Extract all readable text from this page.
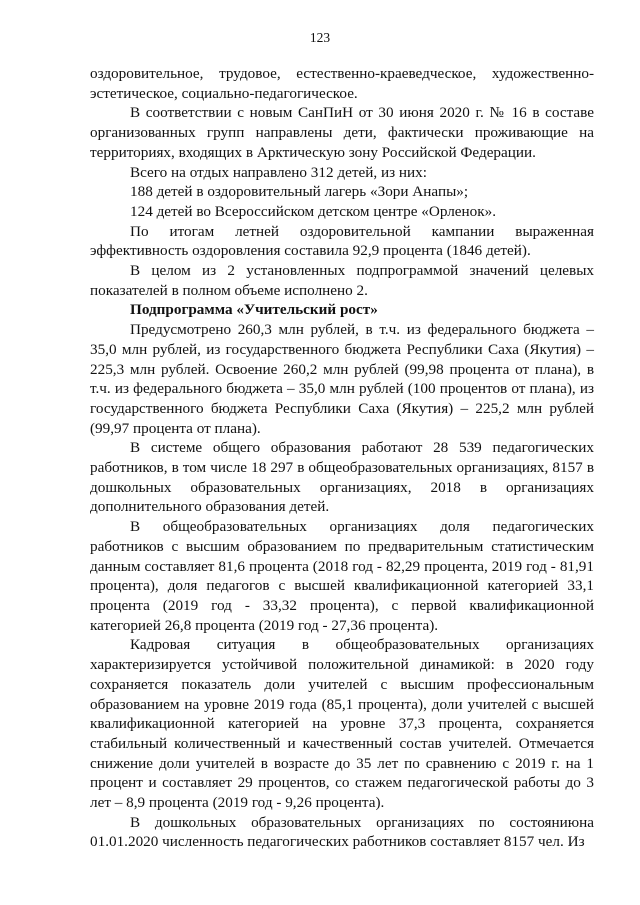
123

оздоровительное, трудовое, естественно-краеведческое, художественно-эстетическое, социально-педагогическое.

В соответствии с новым СанПиН от 30 июня 2020 г. № 16 в составе организованных групп направлены дети, фактически проживающие на территориях, входящих в Арктическую зону Российской Федерации.

Всего на отдых направлено 312 детей, из них:

188 детей в оздоровительный лагерь «Зори Анапы»;

124 детей во Всероссийском детском центре «Орленок».

По итогам летней оздоровительной кампании выраженная эффективность оздоровления составила 92,9 процента (1846 детей).

В целом из 2 установленных подпрограммой значений целевых показателей в полном объеме исполнено 2.

Подпрограмма «Учительский рост»

Предусмотрено 260,3 млн рублей, в т.ч. из федерального бюджета – 35,0 млн рублей, из государственного бюджета Республики Саха (Якутия) – 225,3 млн рублей. Освоение 260,2 млн рублей (99,98 процента от плана), в т.ч. из федерального бюджета – 35,0 млн рублей (100 процентов от плана), из государственного бюджета Республики Саха (Якутия) – 225,2 млн рублей (99,97 процента от плана).

В системе общего образования работают 28 539 педагогических работников, в том числе 18 297 в общеобразовательных организациях, 8157 в дошкольных образовательных организациях, 2018 в организациях дополнительного образования детей.

В общеобразовательных организациях доля педагогических работников с высшим образованием по предварительным статистическим данным составляет 81,6 процента (2018 год - 82,29 процента, 2019 год - 81,91 процента), доля педагогов с высшей квалификационной категорией 33,1 процента (2019 год - 33,32 процента), с первой квалификационной категорией 26,8 процента (2019 год - 27,36 процента).

Кадровая ситуация в общеобразовательных организациях характеризируется устойчивой положительной динамикой: в 2020 году сохраняется показатель доли учителей с высшим профессиональным образованием на уровне 2019 года (85,1 процента), доли учителей с высшей квалификационной категорией на уровне 37,3 процента, сохраняется стабильный количественный и качественный состав учителей. Отмечается снижение доли учителей в возрасте до 35 лет по сравнению с 2019 г. на 1 процент и составляет 29 процентов, со стажем педагогической работы до 3 лет – 8,9 процента (2019 год - 9,26 процента).

В дошкольных образовательных организациях по состояниюна 01.01.2020 численность педагогических работников составляет 8157 чел. Из
